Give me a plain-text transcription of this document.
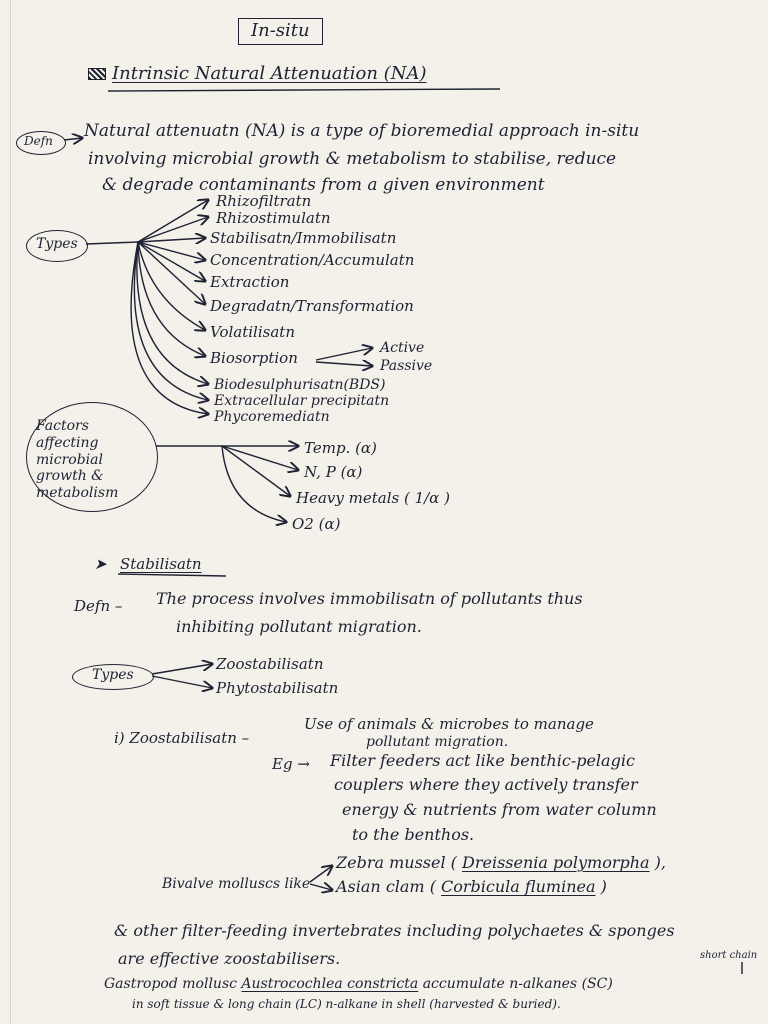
In-situ
Intrinsic Natural Attenuation (NA)
Defn Natural attenuatn (NA) is a type of bioremedial approach in-situ
involving microbial growth & metabolism to stabilise, reduce
& degrade contaminants from a given environment
Types
Rhizofiltratn
Rhizostimulatn
Stabilisatn/Immobilisatn
Concentration/Accumulatn
Extraction
Degradatn/Transformation
Volatilisatn
Biosorption
Active
Passive
Biodesulphurisatn(BDS)
Extracellular precipitatn
Phycoremediatn
Factors affecting microbial growth & metabolism
Temp. (α)
N, P (α)
Heavy metals ( 1/α )
O2 (α)
➤ Stabilisatn
Defn – The process involves immobilisatn of pollutants thus
inhibiting pollutant migration.
Types
Zoostabilisatn
Phytostabilisatn
i) Zoostabilisatn –
Use of animals & microbes to manage
pollutant migration.
Eg → Filter feeders act like benthic-pelagic
couplers where they actively transfer
energy & nutrients from water column
to the benthos.
Bivalve molluscs like
Zebra mussel ( Dreissenia polymorpha ),
Asian clam ( Corbicula fluminea )
& other filter-feeding invertebrates including polychaetes & sponges
are effective zoostabilisers.	short chain
Gastropod mollusc Austrocochlea constricta accumulate n-alkanes (SC)
in soft tissue & long chain (LC) n-alkane in shell (harvested & buried).
